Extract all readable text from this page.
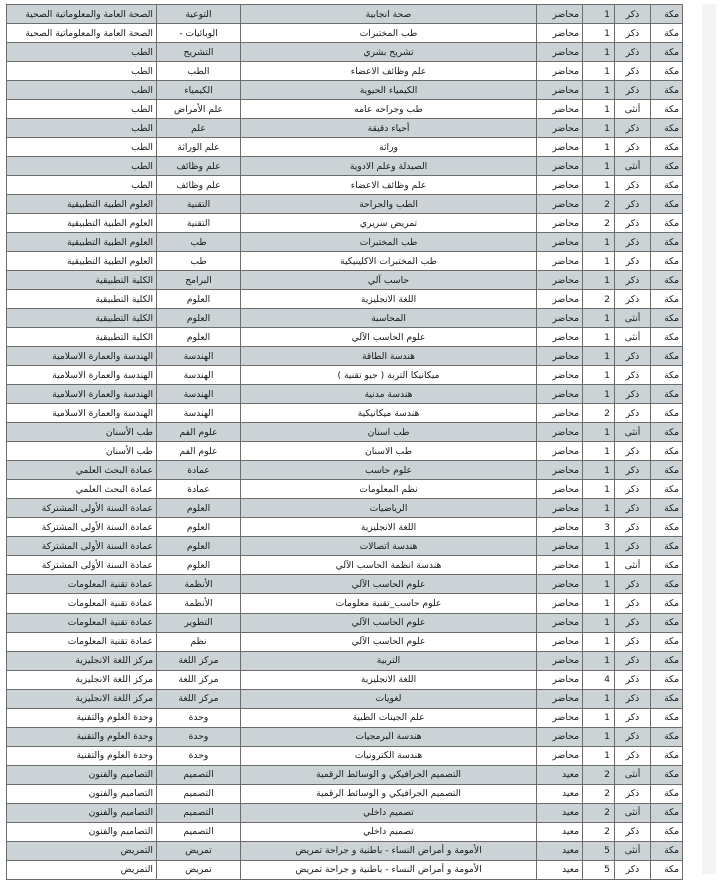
مكة	ذكر	1	محاضر	صحة انجابية	التوعية	الصحة العامة والمعلوماتية الصحية
مكة	ذكر	1	محاضر	طب المختبرات	الوبائيات -	الصحة العامة والمعلوماتية الصحية
مكة	ذكر	1	محاضر	تشريح بشري	التشريح	الطب
مكة	ذكر	1	محاضر	علم وظائف الاعضاء	الطب	الطب
مكة	ذكر	1	محاضر	الكيمياء الحيوية	الكيمياء	الطب
مكة	أنثى	1	محاضر	طب وجراحه عامه	علم الأمراض	الطب
مكة	ذكر	1	محاضر	أحياء دقيقة	علم	الطب
مكة	ذكر	1	محاضر	وراثة	علم الوراثة	الطب
مكة	أنثى	1	محاضر	الصيدلة وعلم الادوية	علم وظائف	الطب
مكة	ذكر	1	محاضر	علم وظائف الاعضاء	علم وظائف	الطب
مكة	ذكر	2	محاضر	الطب والجراحة	التقنية	العلوم الطبية التطبيقية
مكة	ذكر	2	محاضر	تمريض سريري	التقنية	العلوم الطبية التطبيقية
مكة	ذكر	1	محاضر	طب المختبرات	طب	العلوم الطبية التطبيقية
مكة	ذكر	1	محاضر	طب المختبرات الاكلينيكية	طب	العلوم الطبية التطبيقية
مكة	ذكر	1	محاضر	حاسب آلي	البرامج	الكلية التطبيقية
مكة	ذكر	2	محاضر	اللغة الانجليزية	العلوم	الكلية التطبيقية
مكة	أنثى	1	محاضر	المحاسبة	العلوم	الكلية التطبيقية
مكة	أنثى	1	محاضر	علوم الحاسب الآلي	العلوم	الكلية التطبيقية
مكة	ذكر	1	محاضر	هندسة الطاقة	الهندسة	الهندسة والعمارة الاسلامية
مكة	ذكر	1	محاضر	ميكانيكا التربة ( جيو تقنية )	الهندسة	الهندسة والعمارة الاسلامية
مكة	ذكر	1	محاضر	هندسة مدنية	الهندسة	الهندسة والعمارة الاسلامية
مكة	ذكر	2	محاضر	هندسة ميكانيكية	الهندسة	الهندسة والعمارة الاسلامية
مكة	أنثى	1	محاضر	طب اسنان	علوم الفم	طب الأسنان
مكة	ذكر	1	محاضر	طب الاسنان	علوم الفم	طب الأسنان
مكة	ذكر	1	محاضر	علوم حاسب	عمادة	عمادة البحث العلمي
مكة	ذكر	1	محاضر	نظم المعلومات	عمادة	عمادة البحث العلمي
مكة	ذكر	1	محاضر	الرياضيات	العلوم	عمادة السنة الأولى المشتركة
مكة	ذكر	3	محاضر	اللغة الانجليزية	العلوم	عمادة السنة الأولى المشتركة
مكة	ذكر	1	محاضر	هندسة اتصالات	العلوم	عمادة السنة الأولى المشتركة
مكة	أنثى	1	محاضر	هندسة انظمة الحاسب الآلي	العلوم	عمادة السنة الأولى المشتركة
مكة	ذكر	1	محاضر	علوم الحاسب الآلي	الأنظمة	عمادة تقنية المعلومات
مكة	ذكر	1	محاضر	علوم حاسب_تقنية معلومات	الأنظمة	عمادة تقنية المعلومات
مكة	ذكر	1	محاضر	علوم الحاسب الآلي	التطوير	عمادة تقنية المعلومات
مكة	ذكر	1	محاضر	علوم الحاسب الآلي	نظم	عمادة تقنية المعلومات
مكة	ذكر	1	محاضر	التربية	مركز اللغة	مركز اللغة الانجليزية
مكة	ذكر	4	محاضر	اللغة الانجليزية	مركز اللغة	مركز اللغة الانجليزية
مكة	ذكر	1	محاضر	لغويات	مركز اللغة	مركز اللغة الانجليزية
مكة	ذكر	1	محاضر	علم الجينات الطبية	وحدة	وحدة العلوم والتقنية
مكة	ذكر	1	محاضر	هندسة البرمجيات	وحدة	وحدة العلوم والتقنية
مكة	ذكر	1	محاضر	هندسة الكترونيات	وحدة	وحدة العلوم والتقنية
مكة	أنثى	2	معيد	التصميم الجرافيكي و الوسائط الرقمية	التصميم	التصاميم والفنون
مكة	ذكر	2	معيد	التصميم الجرافيكي و الوسائط الرقمية	التصميم	التصاميم والفنون
مكة	أنثى	2	معيد	تصميم داخلي	التصميم	التصاميم والفنون
مكة	ذكر	2	معيد	تصميم داخلي	التصميم	التصاميم والفنون
مكة	أنثى	5	معيد	الأمومة و أمراض النساء - باطنية و جراحة تمريض	تمريض	التمريض
مكة	ذكر	5	معيد	الأمومة و أمراض النساء - باطنية و جراحة تمريض	تمريض	التمريض
